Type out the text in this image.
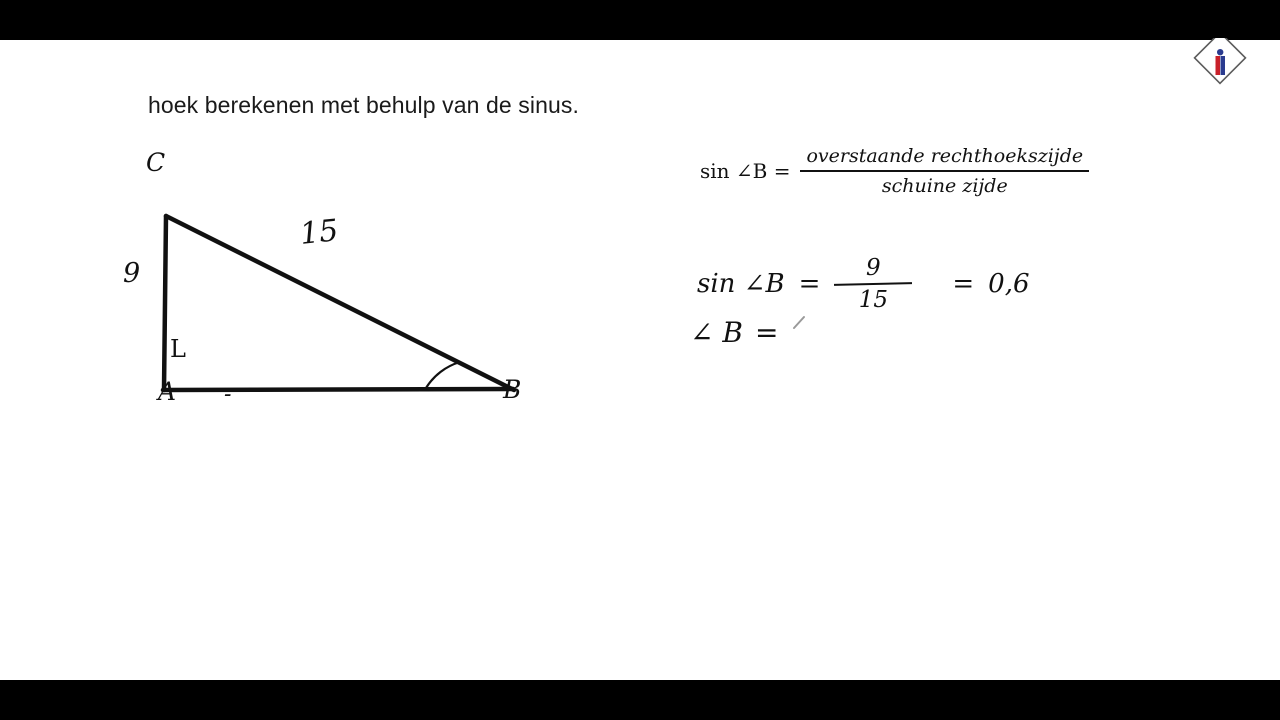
hoek berekenen met behulp van de sinus.
L
C
A	B
9
15
-
sin ∠B = $\frac{\text{overstaande rechthoekszijde}}{\text{schuine zijde}}$
sin ∠B = $\frac{9}{15} = 0,6$
∠ B =
